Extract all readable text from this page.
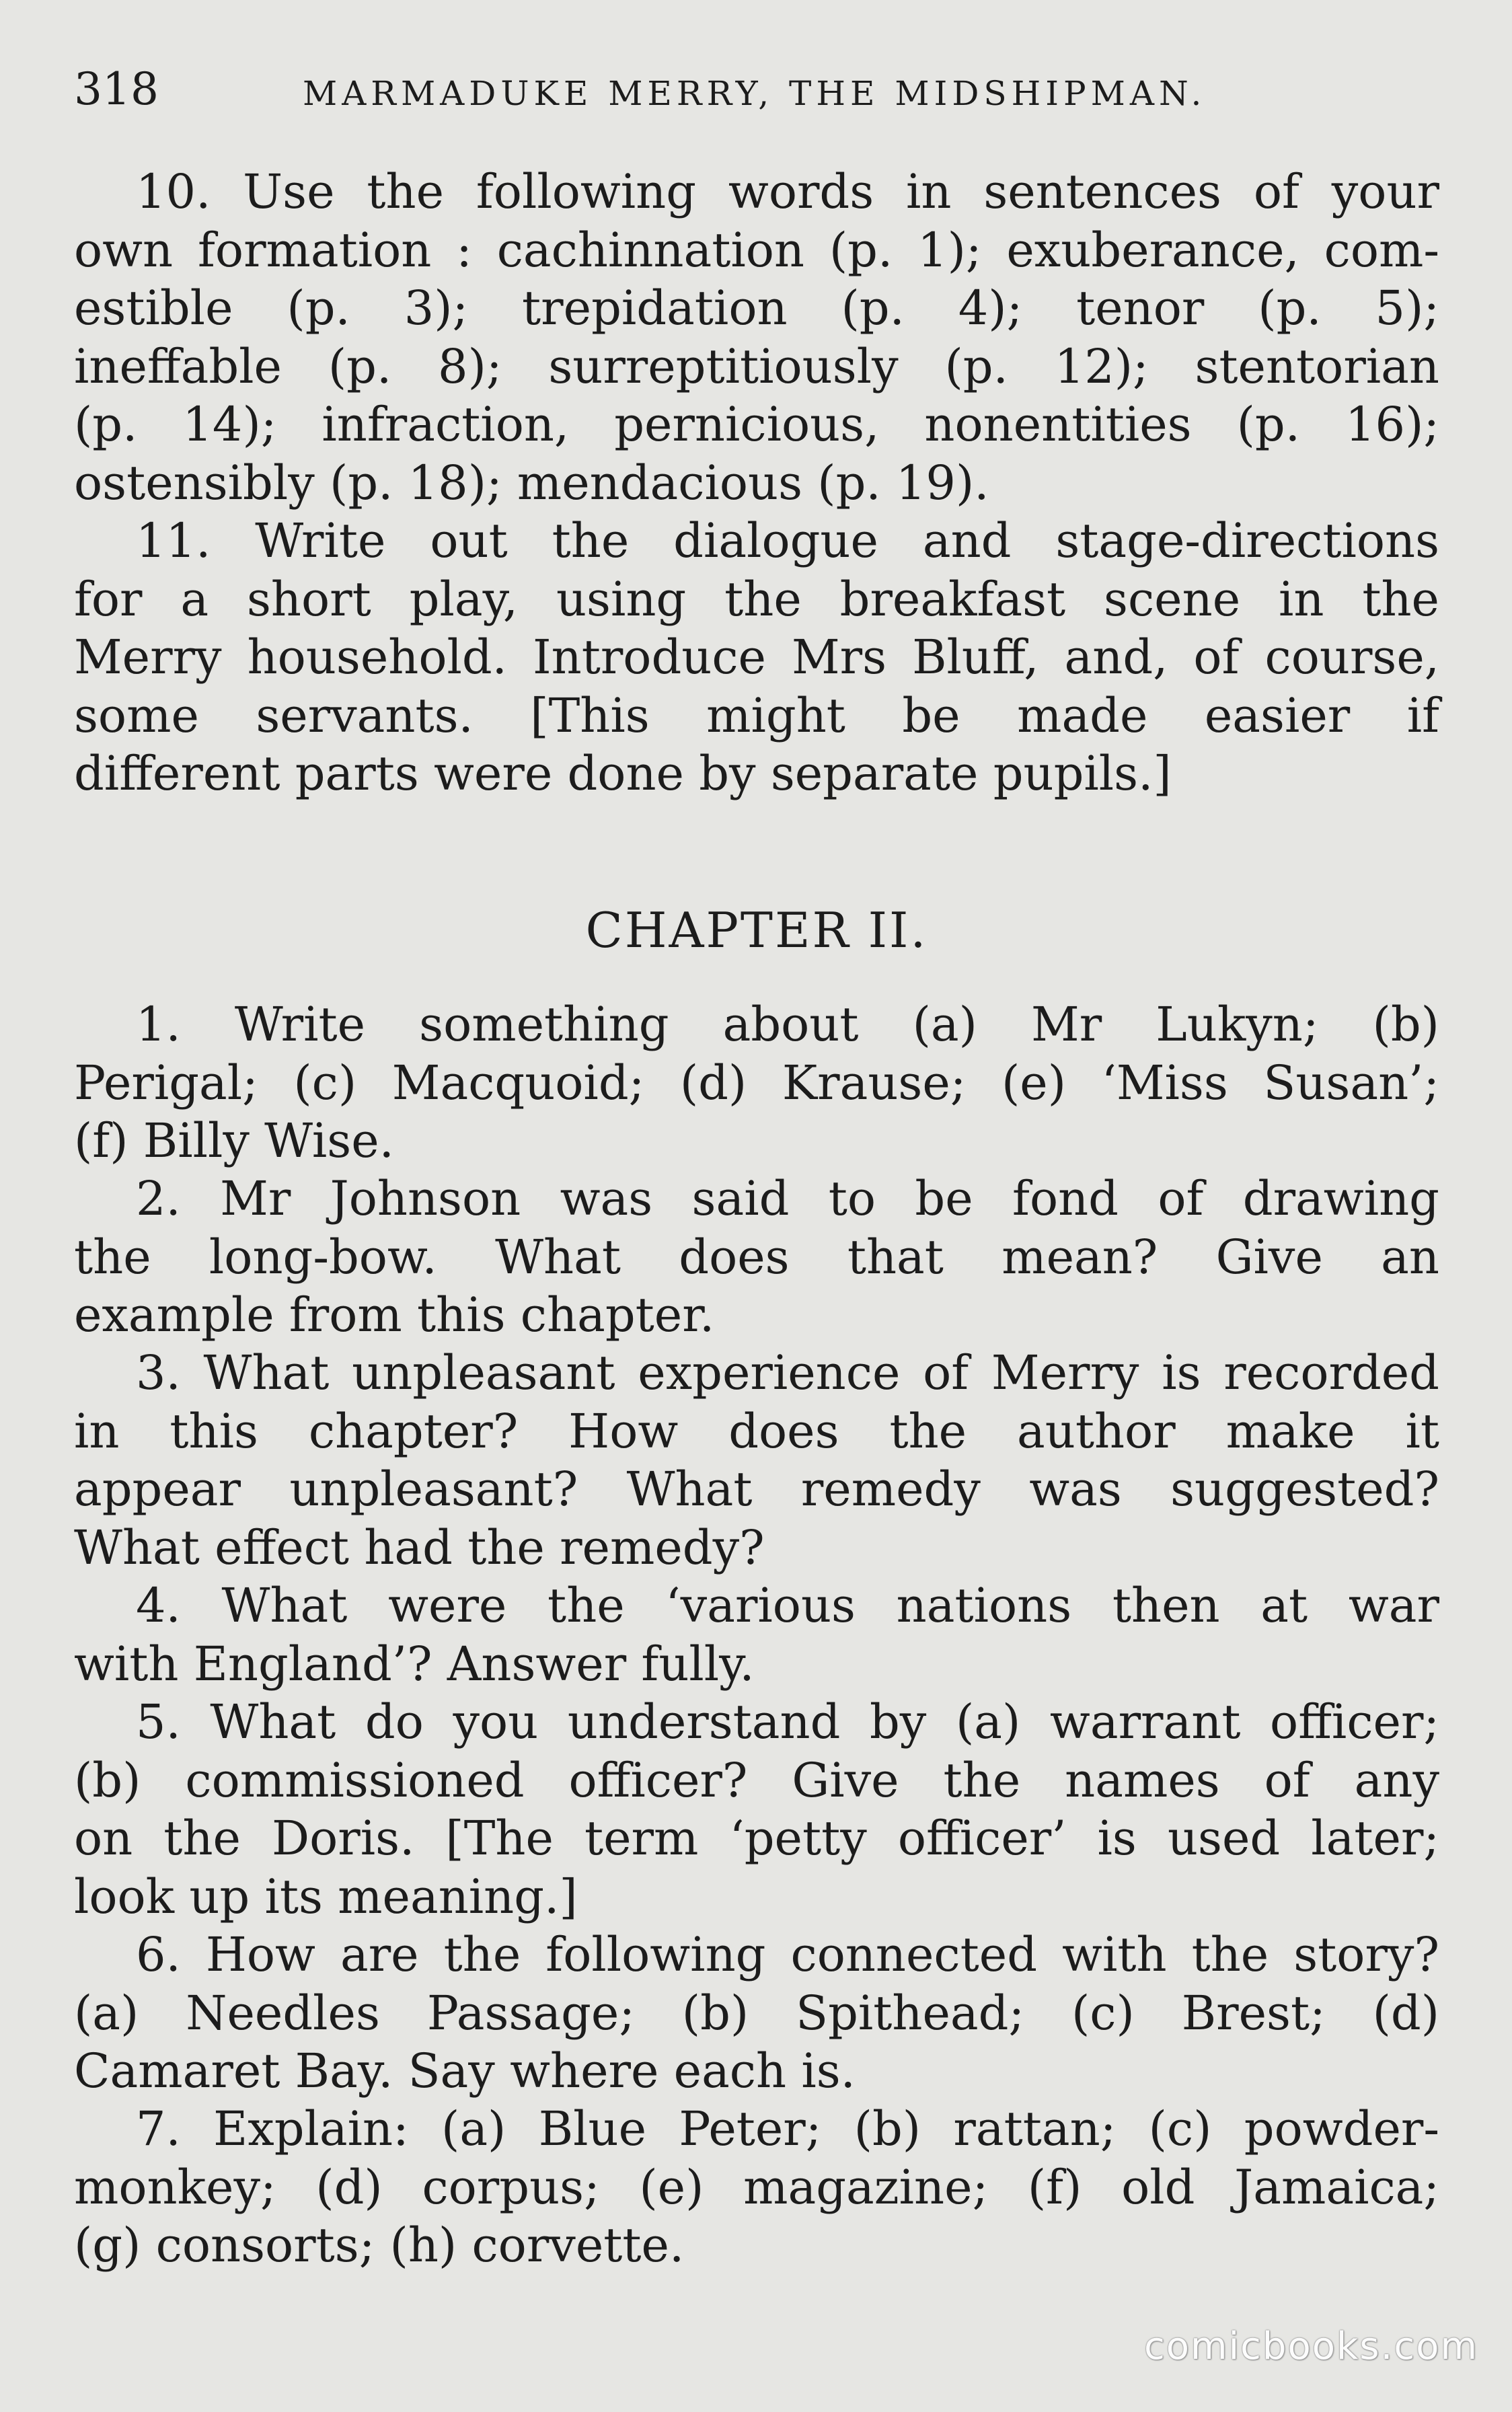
318	MARMADUKE MERRY, THE MIDSHIPMAN.
10. Use the following words in sentences of your
own formation : cachinnation (p. 1); exuberance, com-
estible (p. 3); trepidation (p. 4); tenor (p. 5);
ineffable (p. 8); surreptitiously (p. 12); stentorian
(p. 14); infraction, pernicious, nonentities (p. 16);
ostensibly (p. 18); mendacious (p. 19).
11. Write out the dialogue and stage-directions
for a short play, using the breakfast scene in the
Merry household. Introduce Mrs Bluff, and, of course,
some servants. [This might be made easier if
different parts were done by separate pupils.]
CHAPTER II.
1. Write something about (a) Mr Lukyn; (b)
Perigal; (c) Macquoid; (d) Krause; (e) ‘Miss Susan’;
(f) Billy Wise.
2. Mr Johnson was said to be fond of drawing
the long-bow. What does that mean? Give an
example from this chapter.
3. What unpleasant experience of Merry is recorded
in this chapter? How does the author make it
appear unpleasant? What remedy was suggested?
What effect had the remedy?
4. What were the ‘various nations then at war
with England’? Answer fully.
5. What do you understand by (a) warrant officer;
(b) commissioned officer? Give the names of any
on the Doris. [The term ‘petty officer’ is used later;
look up its meaning.]
6. How are the following connected with the story?
(a) Needles Passage; (b) Spithead; (c) Brest; (d)
Camaret Bay. Say where each is.
7. Explain: (a) Blue Peter; (b) rattan; (c) powder-
monkey; (d) corpus; (e) magazine; (f) old Jamaica;
(g) consorts; (h) corvette.
comicbooks.com
